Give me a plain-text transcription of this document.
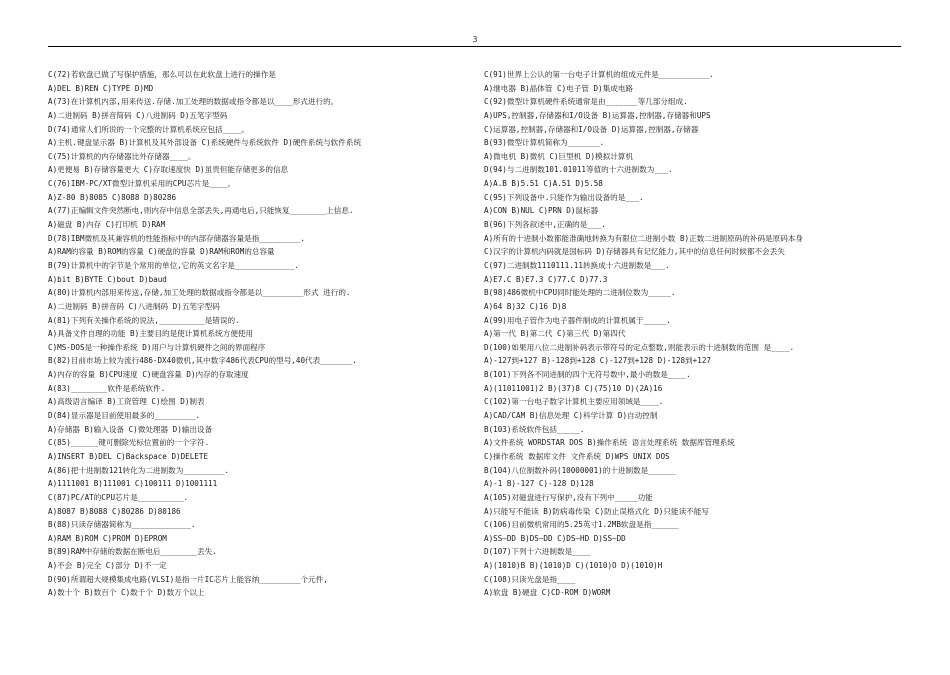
3
C(72)若软盘已做了写保护措施，那么可以在此软盘上进行的操作是
A)DEL B)REN C)TYPE D)MD
A(73)在计算机内部,用来传送.存储.加工处理的数据或指令都是以____形式进行的。
A)二进制码 B)拼音简码 C)八进制码 D)五笔字型码
D(74)通常人们所说的一个完整的计算机系统应包括____。
A)主机.键盘显示器 B)计算机及其外部设备 C)系统硬件与系统软件 D)硬件系统与软件系统
C(75)计算机的内存储器比外存储器____。
A)更便易 B)存储容量更大 C)存取速度快 D)虽贵但能存储更多的信息
C(76)IBM-PC/XT微型计算机采用的CPU芯片是____。
A)Z-80 B)8085 C)8088 D)80286
A(77)正编辑文件突然断电,则内存中信息全部丢失,再通电后,只能恢复________上信息.
A)磁盘 B)内存 C)打印机 D)RAM
D(78)IBM微机及其兼容机的性能指标中的内部存储器容量是指_________.
A)RAM的容量 B)ROM的容量 C)硬盘的容量 D)RAM和ROM的总容量
B(79)计算机中的字节是个常用的单位,它的英文名字是_____________.
A)bit B)BYTE C)bout D)baud
A(80)计算机内部用来传送,存储,加工处理的数据或指令都是以_________形式 进行的.
A)二进制码 B)拼音码 C)八进制码 D)五笔字型码
A(81)下列有关操作系统的说法,__________是错误的.
A)具备文件自理的功能 B)主要目的是使计算机系统方便使用
C)MS-DOS是一种操作系统 D)用户与计算机硬件之间的界面程序
B(82)目前市场上较为流行486-DX40微机,其中数字486代表CPU的型号,40代表_______.
A)内存的容量 B)CPU速度 C)硬盘容量 D)内存的存取速度
A(83)________软件是系统软件.
A)高级语言编译 B)工资管理 C)绘图 D)制表
D(84)显示器是目前使用最多的_________.
A)存储器 B)输入设备 C)微处理器 D)输出设备
C(85)______键可删除光标位置前的一个字符.
A)INSERT B)DEL C)Backspace D)DELETE
A(86)把十进制数121转化为二进制数为_________.
A)1111001 B)111001 C)100111 D)1001111
C(87)PC/AT的CPU芯片是__________.
A)8087 B)8088 C)80286 D)80186
B(88)只读存储器简称为_____________.
A)RAM B)ROM C)PROM D)EPROM
B(89)RAM中存储的数据在断电后________丢失.
A)不会 B)完全 C)部分 D)不一定
D(90)所谓超大规模集成电路(VLSI)是指一片IC芯片上能容纳_________个元件,
A)数十个 B)数百个 C)数千个 D)数万个以上
C(91)世界上公认的第一台电子计算机的组成元件是___________.
A)继电器 B)晶体管 C)电子管 D)集成电路
C(92)微型计算机硬件系统通常是由_______等几部分组成.
A)UPS,控制器,存储器和I/O设备 B)运算器,控制器,存储器和UPS
C)运算器,控制器,存储器和I/O设备 D)运算器,控制器,存储器
B(93)微型计算机简称为_______.
A)微电机 B)微机 C)巨型机 D)模拟计算机
D(94)与二进制数101.01011等值的十六进制数为___.
A)A.B B)5.51 C)A.51 D)5.58
C(95)下列设备中.只能作为输出设备的是___.
A)CON B)NUL C)PRN D)鼠标器
B(96)下列各叙述中,正确的是___.
A)所有的十进制小数都能准确地转换为有限位二进制小数 B)正数二进制原码的补码是原码本身
C)汉字的计算机内码就是国标码 D)存储器具有记忆能力,其中的信息任何时候都不会丢失
C(97)二进制数1110111.11转换成十六进制数是___.
A)E7.C B)E7.3 C)77.C D)77.3
B(98)486微机中CPU同时能处理的二进制位数为_____.
A)64 B)32 C)16 D)8
A(99)用电子管作为电子器件制成的计算机属于_____.
A)第一代 B)第二代 C)第三代 D)第四代
D(100)如果用八位二进制补码表示带符号的定点整数,则能表示的十进制数的范围 是____.
A)-127到+127 B)-128到+128 C)-127到+128 D)-128到+127
B(101)下列各不同进制的四个无符号数中,最小的数是____.
A)(11011001)2 B)(37)8 C)(75)10 D)(2A)16
C(102)第一台电子数字计算机主要应用领域是____.
A)CAD/CAM B)信息处理 C)科学计算 D)自动控制
B(103)系统软件包括_____.
A)文件系统 WORDSTAR DOS B)操作系统 语言处理系统 数据库管理系统
C)操作系统 数据库文件 文件系统 D)WPS UNIX DOS
B(104)八位制数补码(10000001)的十进制数是______
A)-1 B)-127 C)-128 D)128
A(105)对磁盘进行写保护,没有下列中_____功能
A)只能写不能读 B)防病毒传染 C)防止误格式化 D)只能读不能写
C(106)目前微机常用的5.25英寸1.2MB软盘是指______
A)SS—DD B)DS—DD C)DS—HD D)SS—DD
D(107)下列十六进制数是____
A)(1010)B B)(1010)D C)(1010)O D)(1010)H
C(108)只读光盘是指____
A)软盘 B)硬盘 C)CD-ROM D)WORM
